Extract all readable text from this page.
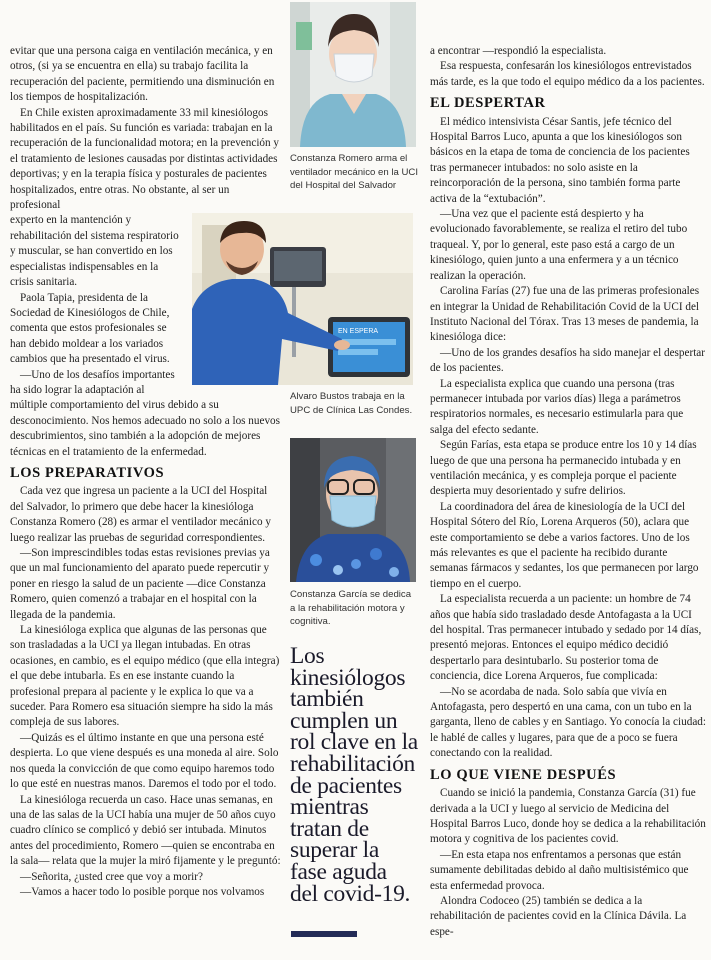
evitar que una persona caiga en ventilación mecánica, y en otros, (si ya se encuentra en ella) su trabajo facilita la recuperación del paciente, permitiendo una disminución en los tiempos de hospitalización.

En Chile existen aproximadamente 33 mil kinesiólogos habilitados en el país. Su función es variada: trabajan en la recuperación de la funcionalidad motora; en la prevención y el tratamiento de lesiones causadas por distintas actividades deportivas; y en la terapia física y posturales de pacientes hospitalizados, entre otras. No obstante, al ser un profesional

experto en la mantención y rehabilitación del sistema respiratorio y muscular, se han convertido en los especialistas indispensables en la crisis sanitaria.

Paola Tapia, presidenta de la Sociedad de Kinesiólogos de Chile, comenta que estos profesionales se han debido moldear a los variados cambios que ha presentado el virus.

—Uno de los desafíos importantes ha sido lograr la adaptación al

múltiple comportamiento del virus debido a su desconocimiento. Nos hemos adecuado no solo a los nuevos descubrimientos, sino también a la adopción de mejores técnicas en el tratamiento de la enfermedad.

LOS PREPARATIVOS

Cada vez que ingresa un paciente a la UCI del Hospital del Salvador, lo primero que debe hacer la kinesióloga Constanza Romero (28) es armar el ventilador mecánico y luego realizar las pruebas de seguridad correspondientes.

—Son imprescindibles todas estas revisiones previas ya que un mal funcionamiento del aparato puede repercutir y poner en riesgo la salud de un paciente —dice Constanza Romero, quien comenzó a trabajar en el hospital con la llegada de la pandemia.

La kinesióloga explica que algunas de las personas que son trasladadas a la UCI ya llegan intubadas. En otras ocasiones, en cambio, es el equipo médico (que ella integra) el que debe intubarla. Es en ese instante cuando la profesional prepara al paciente y le explica lo que va a suceder. Para Romero esa situación siempre ha sido la más compleja de sus labores.

—Quizás es el último instante en que una persona esté despierta. Lo que viene después es una moneda al aire. Solo nos queda la convicción de que como equipo haremos todo lo que esté en nuestras manos. Daremos el todo por el todo.

La kinesióloga recuerda un caso. Hace unas semanas, en una de las salas de la UCI había una mujer de 50 años cuyo cuadro clínico se complicó y debió ser intubada. Minutos antes del procedimiento, Romero —quien se encontraba en la sala— relata que la mujer la miró fijamente y le preguntó:

—Señorita, ¿usted cree que voy a morir?

—Vamos a hacer todo lo posible porque nos volvamos

Constanza Romero arma el ventilador mecánico en la UCI del Hospital del Salvador
EN ESPERA
Alvaro Bustos trabaja en la UPC de Clínica Las Condes.
Constanza García se dedica a la rehabilitación motora y cognitiva.
Los kinesiólogos también cumplen un rol clave en la rehabilitación de pacientes mientras tratan de superar la fase aguda del covid-19.

a encontrar —respondió la especialista.

Esa respuesta, confesarán los kinesiólogos entrevistados más tarde, es la que todo el equipo médico da a los pacientes.

EL DESPERTAR

El médico intensivista César Santis, jefe técnico del Hospital Barros Luco, apunta a que los kinesiólogos son básicos en la etapa de toma de conciencia de los pacientes tras permanecer intubados: no solo asiste en la reincorporación de la persona, sino también forma parte activa de la “extubación”.

—Una vez que el paciente está despierto y ha evolucionado favorablemente, se realiza el retiro del tubo traqueal. Y, por lo general, este paso está a cargo de un kinesiólogo, quien junto a una enfermera y a un técnico realizan la operación.

Carolina Farías (27) fue una de las primeras profesionales en integrar la Unidad de Rehabilitación Covid de la UCI del Instituto Nacional del Tórax. Tras 13 meses de pandemia, la kinesióloga dice:

—Uno de los grandes desafíos ha sido manejar el despertar de los pacientes.

La especialista explica que cuando una persona (tras permanecer intubada por varios días) llega a parámetros respiratorios normales, es necesario estimularla para que salga del efecto sedante.

Según Farías, esta etapa se produce entre los 10 y 14 días luego de que una persona ha permanecido intubada y en ventilación mecánica, y es compleja porque el paciente despierta muy desorientado y sufre delirios.

La coordinadora del área de kinesiología de la UCI del Hospital Sótero del Río, Lorena Arqueros (50), aclara que este comportamiento se debe a varios factores. Uno de los más relevantes es que el paciente ha recibido durante semanas fármacos y sedantes, los que permanecen por largo tiempo en el cuerpo.

La especialista recuerda a un paciente: un hombre de 74 años que había sido trasladado desde Antofagasta a la UCI del hospital. Tras permanecer intubado y sedado por 14 días, presentó mejoras. Entonces el equipo médico decidió despertarlo para desintubarlo. Su posterior toma de conciencia, dice Lorena Arqueros, fue complicada:

—No se acordaba de nada. Solo sabía que vivía en Antofagasta, pero despertó en una cama, con un tubo en la garganta, lleno de cables y en Santiago. Yo conocía la ciudad: le hablé de calles y lugares, para que de a poco se fuera conectando con la realidad.

LO QUE VIENE DESPUÉS

Cuando se inició la pandemia, Constanza García (31) fue derivada a la UCI y luego al servicio de Medicina del Hospital Barros Luco, donde hoy se dedica a la rehabilitación motora y cognitiva de los pacientes covid.

—En esta etapa nos enfrentamos a personas que están sumamente debilitadas debido al daño multisistémico que esta enfermedad provoca.

Alondra Codoceo (25) también se dedica a la rehabilitación de pacientes covid en la Clínica Dávila. La espe-
